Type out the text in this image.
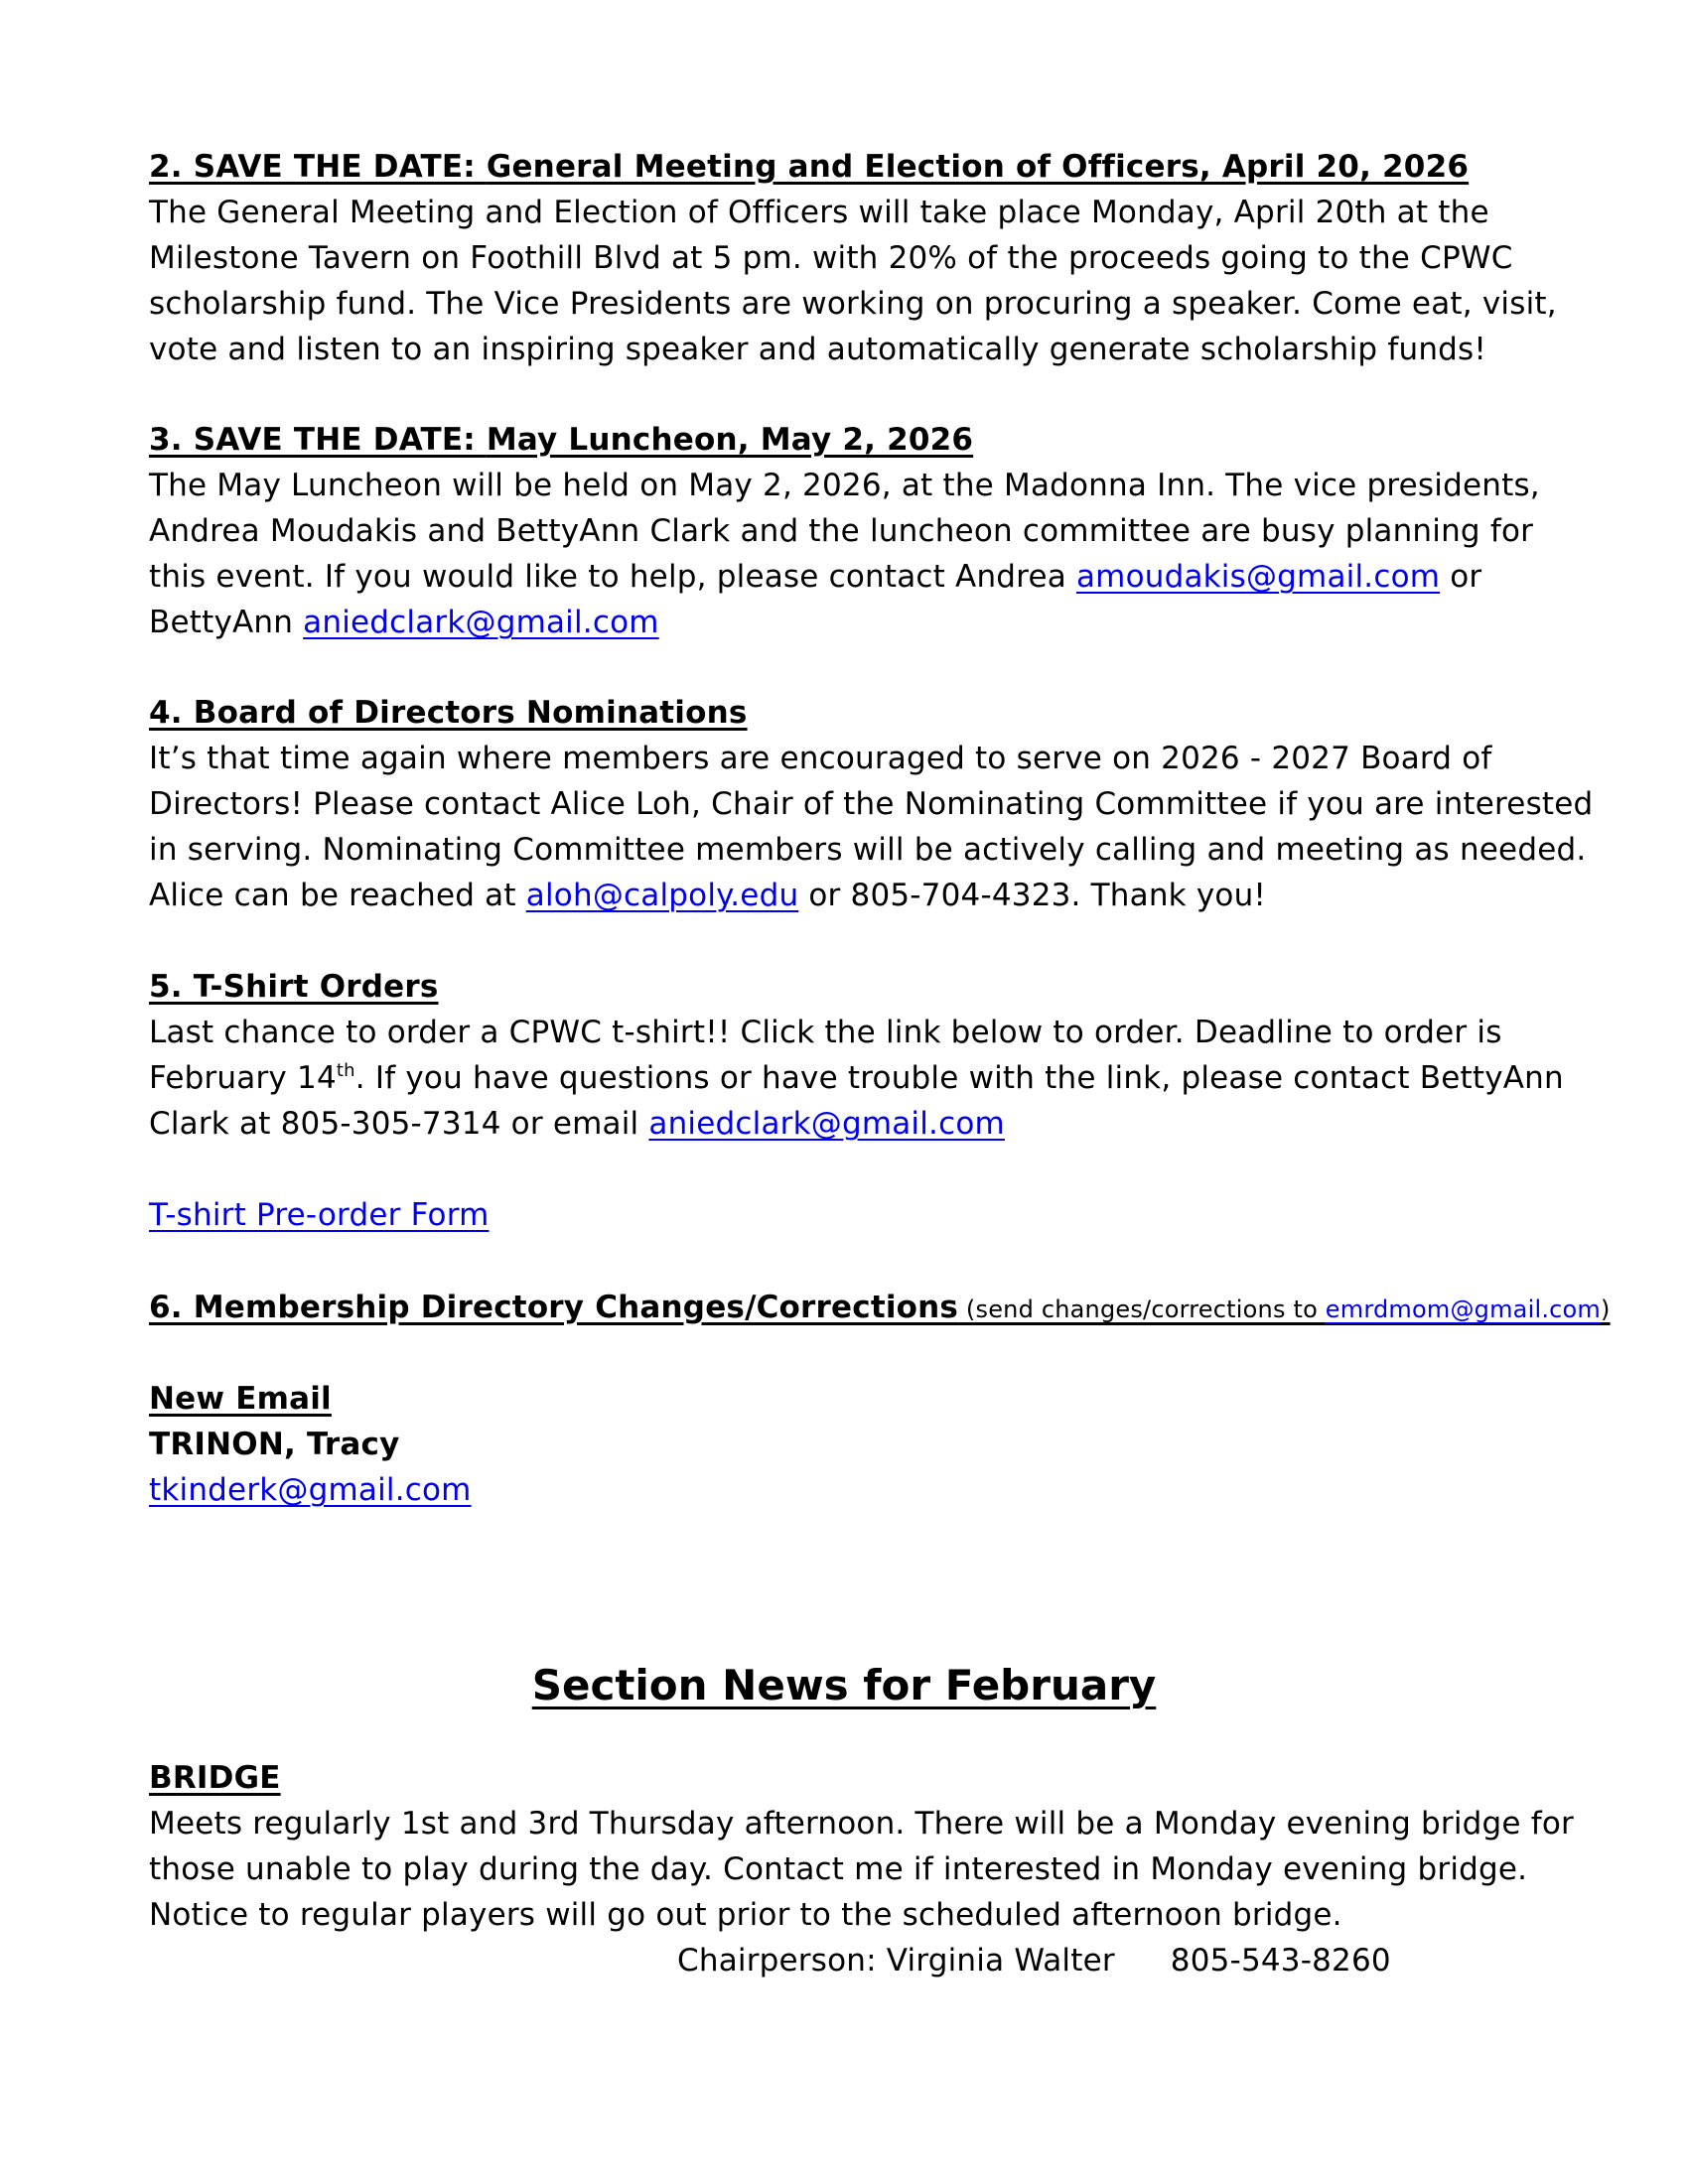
2. SAVE THE DATE: General Meeting and Election of Officers, April 20, 2026
The General Meeting and Election of Officers will take place Monday, April 20th at the
Milestone Tavern on Foothill Blvd at 5 pm. with 20% of the proceeds going to the CPWC
scholarship fund. The Vice Presidents are working on procuring a speaker. Come eat, visit,
vote and listen to an inspiring speaker and automatically generate scholarship funds!
3. SAVE THE DATE: May Luncheon, May 2, 2026
The May Luncheon will be held on May 2, 2026, at the Madonna Inn. The vice presidents,
Andrea Moudakis and BettyAnn Clark and the luncheon committee are busy planning for
this event. If you would like to help, please contact Andrea amoudakis@gmail.com or
BettyAnn aniedclark@gmail.com
4. Board of Directors Nominations
It’s that time again where members are encouraged to serve on 2026 - 2027 Board of
Directors! Please contact Alice Loh, Chair of the Nominating Committee if you are interested
in serving. Nominating Committee members will be actively calling and meeting as needed.
Alice can be reached at aloh@calpoly.edu or 805-704-4323. Thank you!
5. T-Shirt Orders
Last chance to order a CPWC t-shirt!! Click the link below to order. Deadline to order is
February 14th. If you have questions or have trouble with the link, please contact BettyAnn
Clark at 805-305-7314 or email aniedclark@gmail.com
T-shirt Pre-order Form
6. Membership Directory Changes/Corrections (send changes/corrections to emrdmom@gmail.com)
New Email
TRINON, Tracy
tkinderk@gmail.com
Section News for February
BRIDGE
Meets regularly 1st and 3rd Thursday afternoon. There will be a Monday evening bridge for
those unable to play during the day. Contact me if interested in Monday evening bridge.
Notice to regular players will go out prior to the scheduled afternoon bridge.
Chairperson: Virginia Walter 805-543-8260
